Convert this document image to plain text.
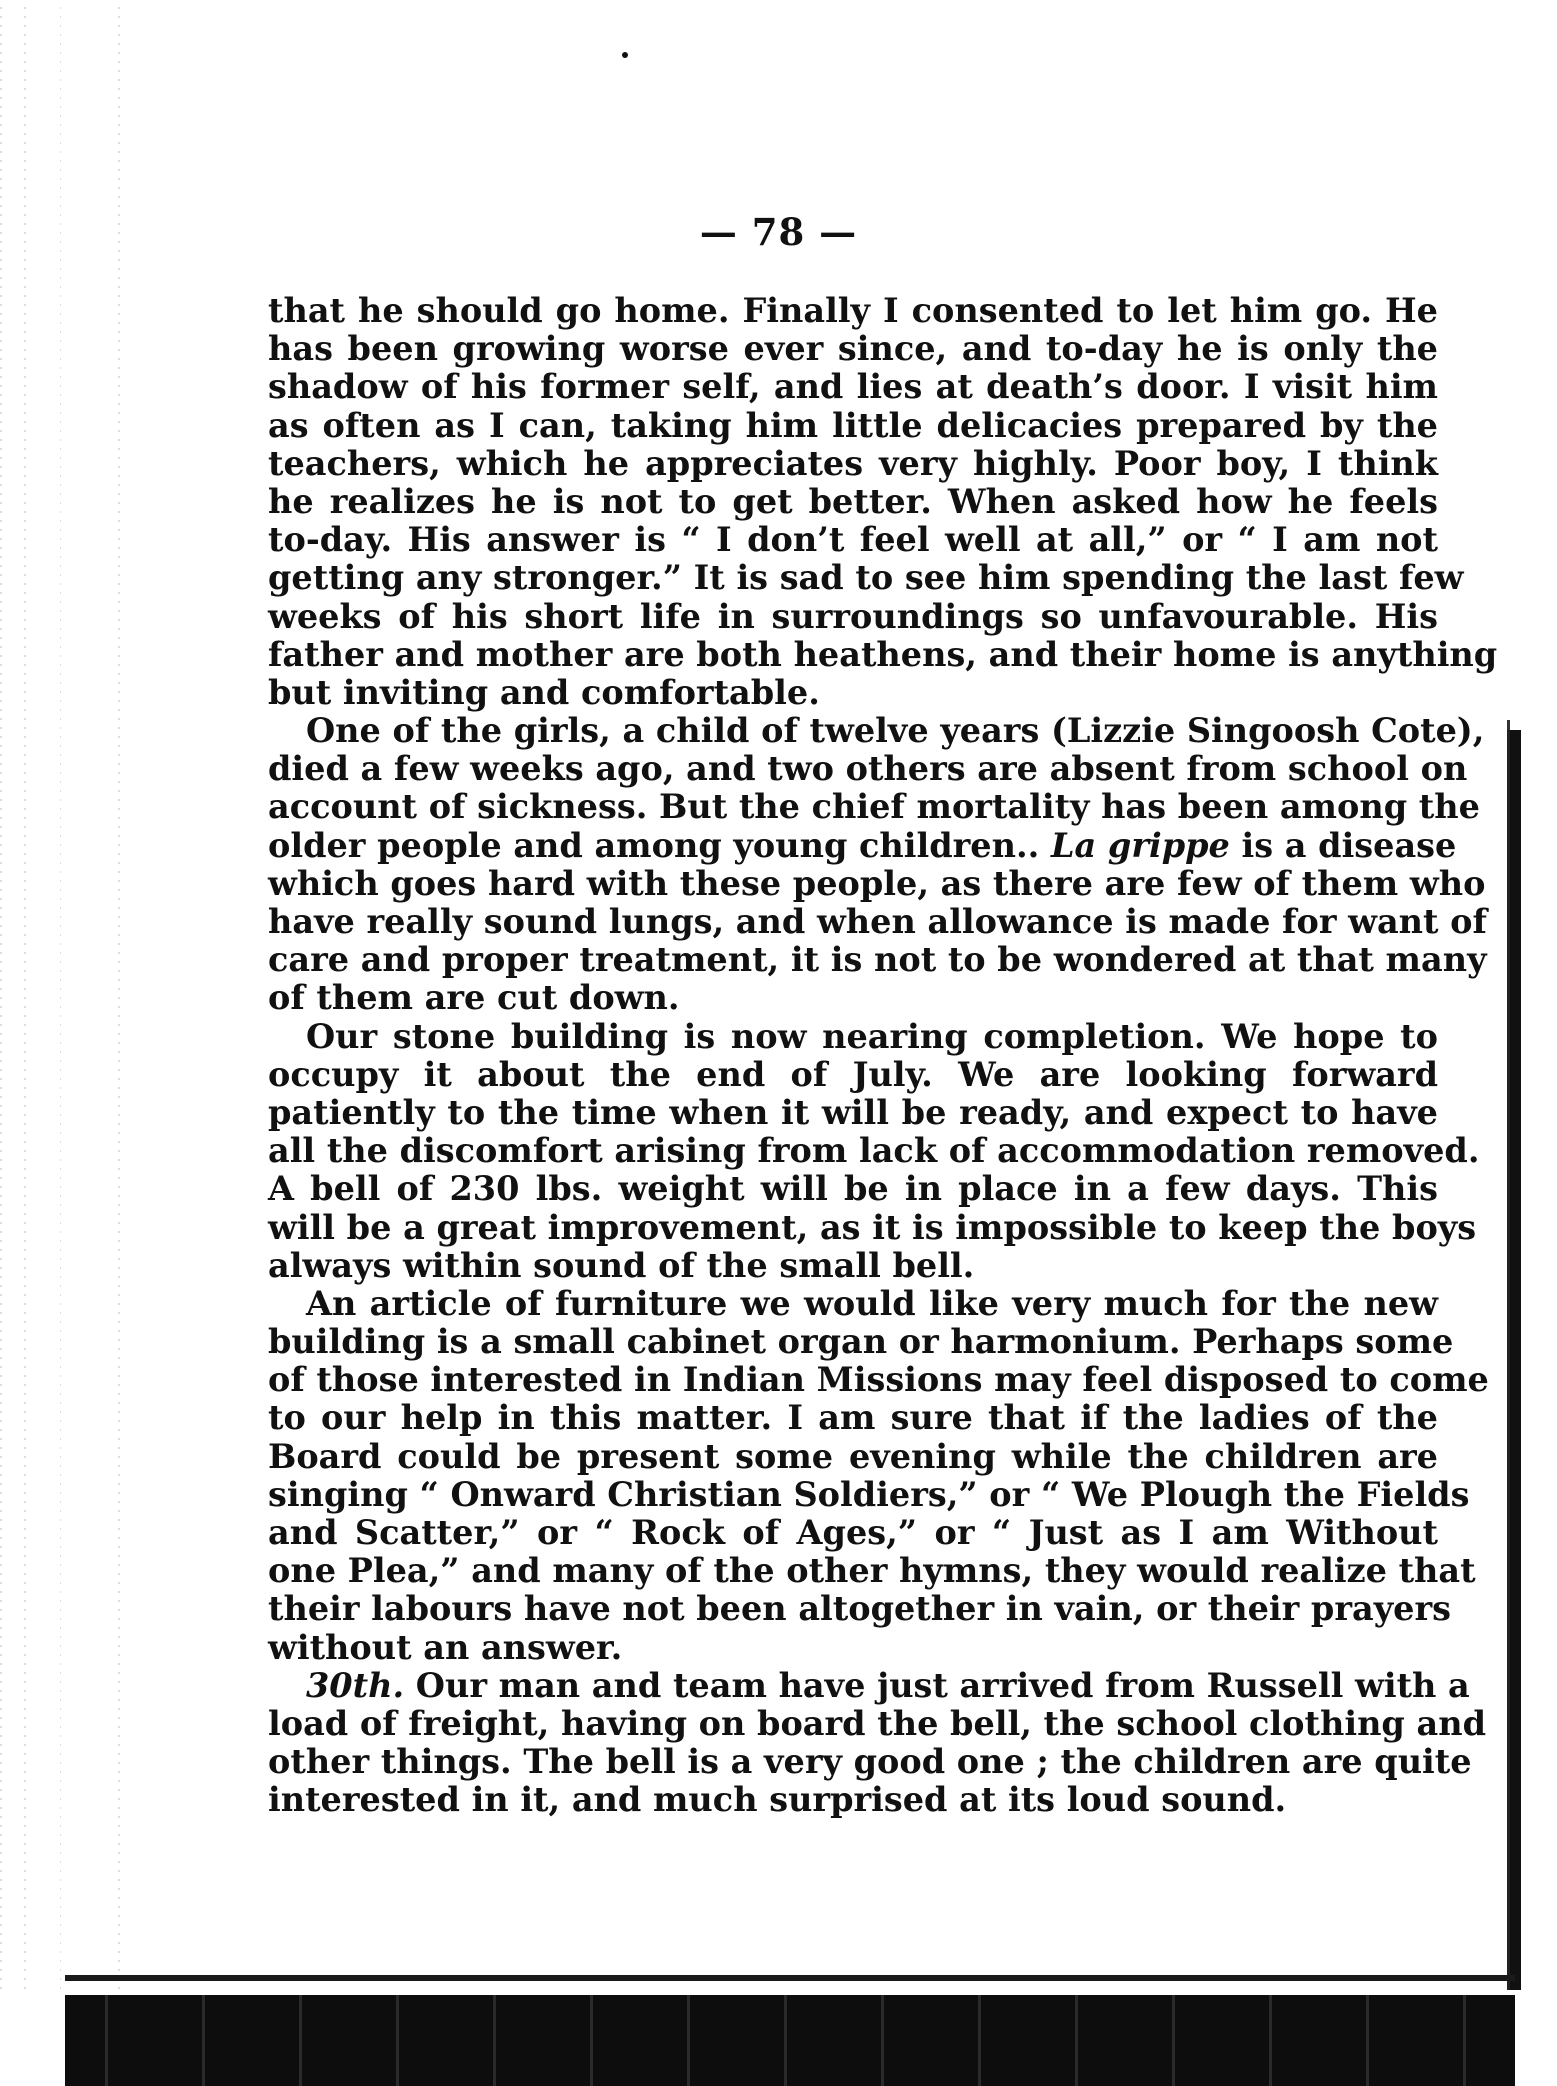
— 78 —
that he should go home. Finally I consented to let him go. He
has been growing worse ever since, and to-day he is only the
shadow of his former self, and lies at death’s door. I visit him
as often as I can, taking him little delicacies prepared by the
teachers, which he appreciates very highly. Poor boy, I think
he realizes he is not to get better. When asked how he feels
to-day. His answer is “ I don’t feel well at all,” or “ I am not
getting any stronger.” It is sad to see him spending the last few
weeks of his short life in surroundings so unfavourable. His
father and mother are both heathens, and their home is anything
but inviting and comfortable.
One of the girls, a child of twelve years (Lizzie Singoosh Cote),
died a few weeks ago, and two others are absent from school on
account of sickness. But the chief mortality has been among the
older people and among young children.. La grippe is a disease
which goes hard with these people, as there are few of them who
have really sound lungs, and when allowance is made for want of
care and proper treatment, it is not to be wondered at that many
of them are cut down.
Our stone building is now nearing completion. We hope to
occupy it about the end of July. We are looking forward
patiently to the time when it will be ready, and expect to have
all the discomfort arising from lack of accommodation removed.
A bell of 230 lbs. weight will be in place in a few days. This
will be a great improvement, as it is impossible to keep the boys
always within sound of the small bell.
An article of furniture we would like very much for the new
building is a small cabinet organ or harmonium. Perhaps some
of those interested in Indian Missions may feel disposed to come
to our help in this matter. I am sure that if the ladies of the
Board could be present some evening while the children are
singing “ Onward Christian Soldiers,” or “ We Plough the Fields
and Scatter,” or “ Rock of Ages,” or “ Just as I am Without
one Plea,” and many of the other hymns, they would realize that
their labours have not been altogether in vain, or their prayers
without an answer.
30th. Our man and team have just arrived from Russell with a
load of freight, having on board the bell, the school clothing and
other things. The bell is a very good one ; the children are quite
interested in it, and much surprised at its loud sound.
